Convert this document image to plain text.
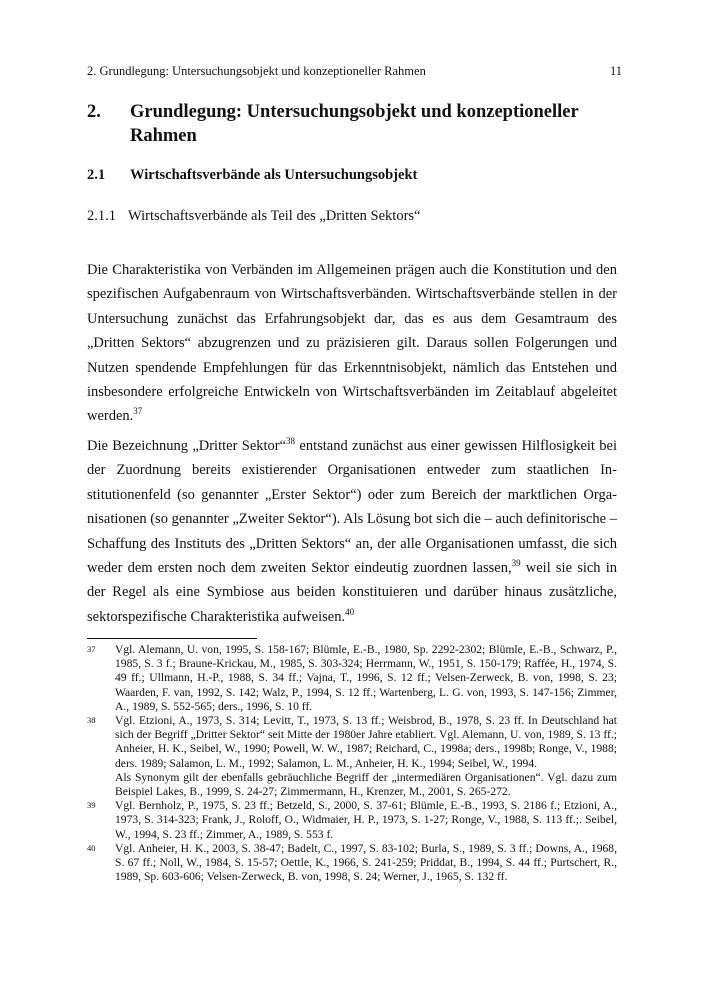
2. Grundlegung: Untersuchungsobjekt und konzeptioneller Rahmen	11
2.	Grundlegung: Untersuchungsobjekt und konzeptioneller Rahmen
2.1	Wirtschaftsverbände als Untersuchungsobjekt
2.1.1 Wirtschaftsverbände als Teil des „Dritten Sektors“

Die Charakteristika von Verbänden im Allgemeinen prägen auch die Konstitution und den spezifischen Aufgabenraum von Wirtschaftsverbänden. Wirtschaftsverbände stellen in der Untersuchung zunächst das Erfahrungsobjekt dar, das es aus dem Gesamtraum des „Dritten Sektors“ abzugrenzen und zu präzisieren gilt. Daraus sollen Folgerungen und Nutzen spendende Empfehlungen für das Erkenntnisobjekt, nämlich das Entstehen und insbesondere erfolgreiche Entwickeln von Wirtschaftsverbänden im Zeitablauf abgeleitet werden.$^{37}$

Die Bezeichnung „Dritter Sektor“$^{38}$ entstand zunächst aus einer gewissen Hilflosigkeit bei der Zuordnung bereits existierender Organisationen entweder zum staatlichen Institutionenfeld (so genannter „Erster Sektor“) oder zum Bereich der marktlichen Organisationen (so genannter „Zweiter Sektor“). Als Lösung bot sich die – auch definitorische – Schaffung des Instituts des „Dritten Sektors“ an, der alle Organisationen umfasst, die sich weder dem ersten noch dem zweiten Sektor eindeutig zuordnen lassen,$^{39}$ weil sie sich in der Regel als eine Symbiose aus beiden konstituieren und darüber hinaus zusätzliche, sektorspezifische Charakteristika aufweisen.$^{40}$

37	Vgl. Alemann, U. von, 1995, S. 158-167; Blümle, E.-B., 1980, Sp. 2292-2302; Blümle, E.-B., Schwarz, P., 1985, S. 3 f.; Braune-Krickau, M., 1985, S. 303-324; Herrmann, W., 1951, S. 150-179; Raffée, H., 1974, S. 49 ff.; Ullmann, H.-P., 1988, S. 34 ff.; Vajna, T., 1996, S. 12 ff.; Velsen-Zerweck, B. von, 1998, S. 23; Waarden, F. van, 1992, S. 142; Walz, P., 1994, S. 12 ff.; Wartenberg, L. G. von, 1993, S. 147-156; Zimmer, A., 1989, S. 552-565; ders., 1996, S. 10 ff.
38	Vgl. Etzioni, A., 1973, S. 314; Levitt, T., 1973, S. 13 ff.; Weisbrod, B., 1978, S. 23 ff. In Deutschland hat sich der Begriff „Dritter Sektor“ seit Mitte der 1980er Jahre etabliert. Vgl. Alemann, U. von, 1989, S. 13 ff.; Anheier, H. K., Seibel, W., 1990; Powell, W. W., 1987; Reichard, C., 1998a; ders., 1998b; Ronge, V., 1988; ders. 1989; Salamon, L. M., 1992; Salamon, L. M., Anheier, H. K., 1994; Seibel, W., 1994.
Als Synonym gilt der ebenfalls gebräuchliche Begriff der „intermediären Organisationen“. Vgl. dazu zum Beispiel Lakes, B., 1999, S. 24-27; Zimmermann, H., Krenzer, M., 2001, S. 265-272.
39	Vgl. Bernholz, P., 1975, S. 23 ff.; Betzeld, S., 2000, S. 37-61; Blümle, E.-B., 1993, S. 2186 f.; Etzioni, A., 1973, S. 314-323; Frank, J., Roloff, O., Widmaier, H. P., 1973, S. 1-27; Ronge, V., 1988, S. 113 ff.;. Seibel, W., 1994, S. 23 ff.; Zimmer, A., 1989, S. 553 f.
40	Vgl. Anheier, H. K., 2003, S. 38-47; Badelt, C., 1997, S. 83-102; Burla, S., 1989, S. 3 ff.; Downs, A., 1968, S. 67 ff.; Noll, W., 1984, S. 15-57; Oettle, K., 1966, S. 241-259; Priddat, B., 1994, S. 44 ff.; Purtschert, R., 1989, Sp. 603-606; Velsen-Zerweck, B. von, 1998, S. 24; Werner, J., 1965, S. 132 ff.
